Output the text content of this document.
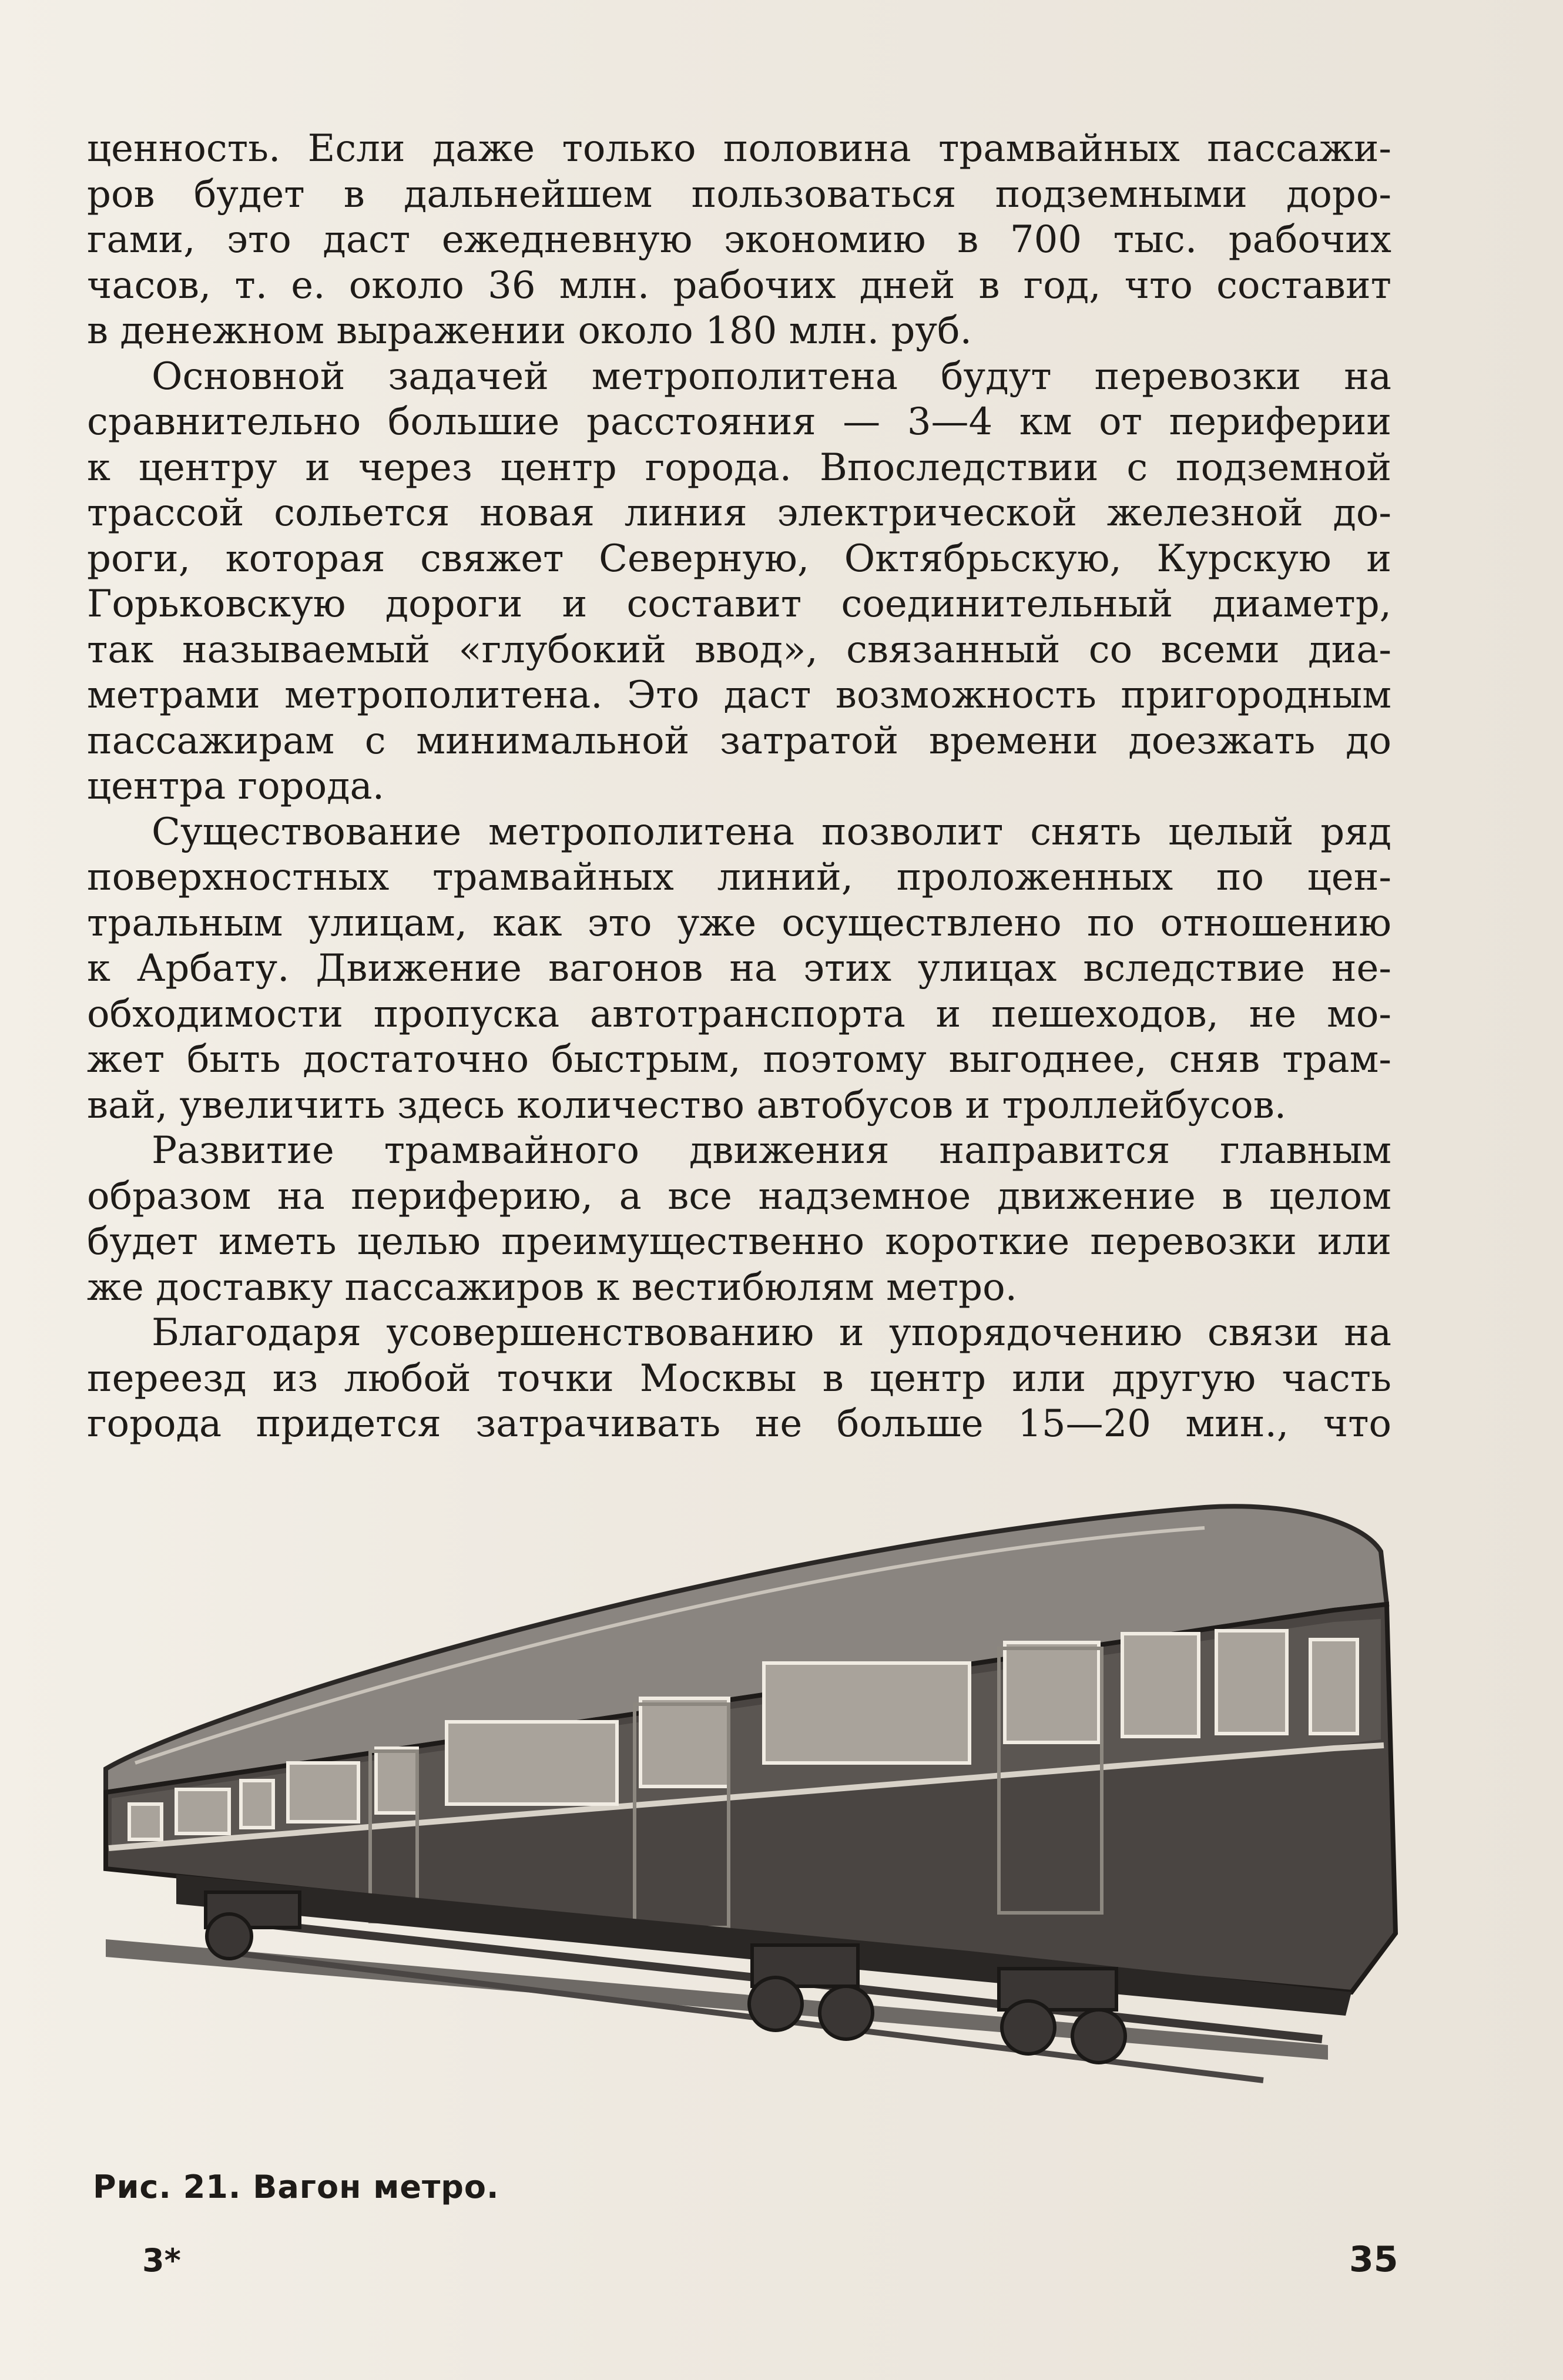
ценность. Если даже только половина трамвайных пассажи-
ров будет в дальнейшем пользоваться подземными доро-
гами, это даст ежедневную экономию в 700 тыс. рабочих
часов, т. е. около 36 млн. рабочих дней в год, что составит
в денежном выражении около 180 млн. руб.

Основной задачей метрополитена будут перевозки на
сравнительно большие расстояния — 3—4 км от периферии
к центру и через центр города. Впоследствии с подземной
трассой сольется новая линия электрической железной до-
роги, которая свяжет Северную, Октябрьскую, Курскую и
Горьковскую дороги и составит соединительный диаметр,
так называемый «глубокий ввод», связанный со всеми диа-
метрами метрополитена. Это даст возможность пригородным
пассажирам с минимальной затратой времени доезжать до
центра города.

Существование метрополитена позволит снять целый ряд
поверхностных трамвайных линий, проложенных по цен-
тральным улицам, как это уже осуществлено по отношению
к Арбату. Движение вагонов на этих улицах вследствие не-
обходимости пропуска автотранспорта и пешеходов, не мо-
жет быть достаточно быстрым, поэтому выгоднее, сняв трам-
вай, увеличить здесь количество автобусов и троллейбусов.

Развитие трамвайного движения направится главным
образом на периферию, а все надземное движение в целом
будет иметь целью преимущественно короткие перевозки или
же доставку пассажиров к вестибюлям метро.

Благодаря усовершенствованию и упорядочению связи на
переезд из любой точки Москвы в центр или другую часть
города придется затрачивать не больше 15—20 мин., что

Рис. 21. Вагон метро.
3*	35
